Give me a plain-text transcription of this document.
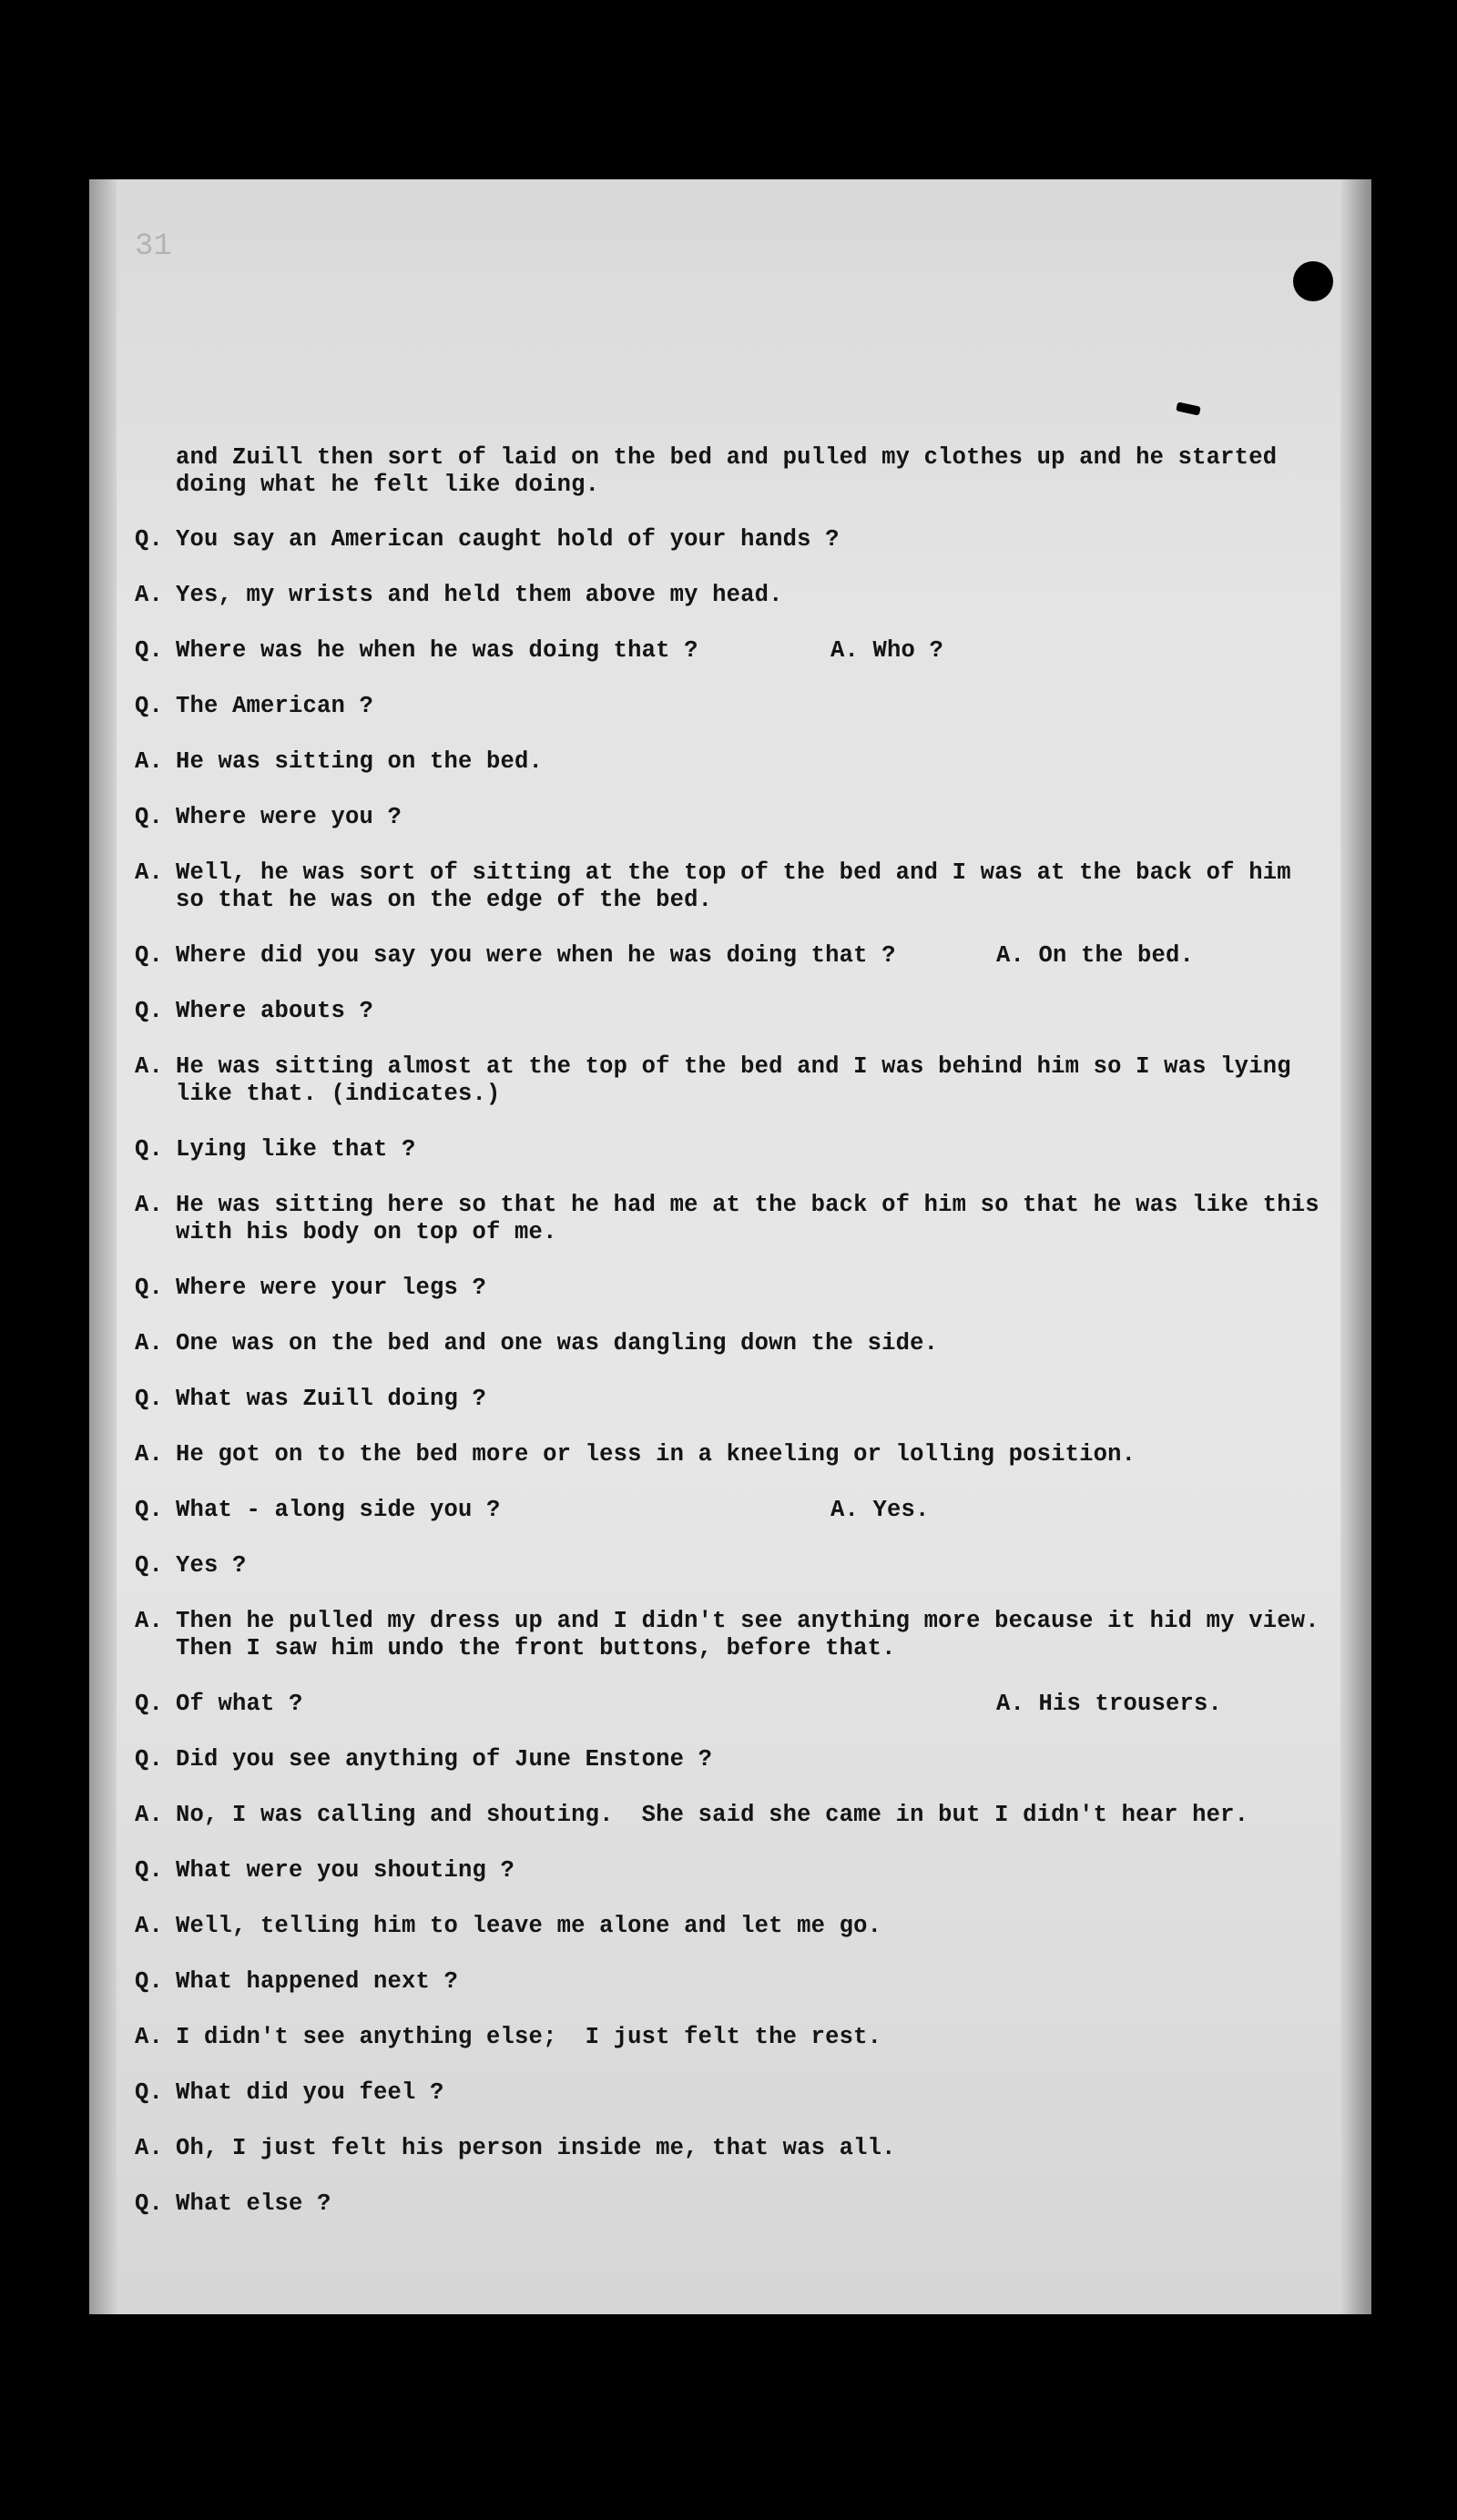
31
and Zuill then sort of laid on the bed and pulled my clothes up and he started
doing what he felt like doing.
Q. You say an American caught hold of your hands ?
A. Yes, my wrists and held them above my head.
Q. Where was he when he was doing that ?	A. Who ?
Q. The American ?
A. He was sitting on the bed.
Q. Where were you ?
A. Well, he was sort of sitting at the top of the bed and I was at the back of him
so that he was on the edge of the bed.
Q. Where did you say you were when he was doing that ?	A. On the bed.
Q. Where abouts ?
A. He was sitting almost at the top of the bed and I was behind him so I was lying
like that. (indicates.)
Q. Lying like that ?
A. He was sitting here so that he had me at the back of him so that he was like this
with his body on top of me.
Q. Where were your legs ?
A. One was on the bed and one was dangling down the side.
Q. What was Zuill doing ?
A. He got on to the bed more or less in a kneeling or lolling position.
Q. What - along side you ?	A. Yes.
Q. Yes ?
A. Then he pulled my dress up and I didn't see anything more because it hid my view.
Then I saw him undo the front buttons, before that.
Q. Of what ?	A. His trousers.
Q. Did you see anything of June Enstone ?
A. No, I was calling and shouting.  She said she came in but I didn't hear her.
Q. What were you shouting ?
A. Well, telling him to leave me alone and let me go.
Q. What happened next ?
A. I didn't see anything else;  I just felt the rest.
Q. What did you feel ?
A. Oh, I just felt his person inside me, that was all.
Q. What else ?
